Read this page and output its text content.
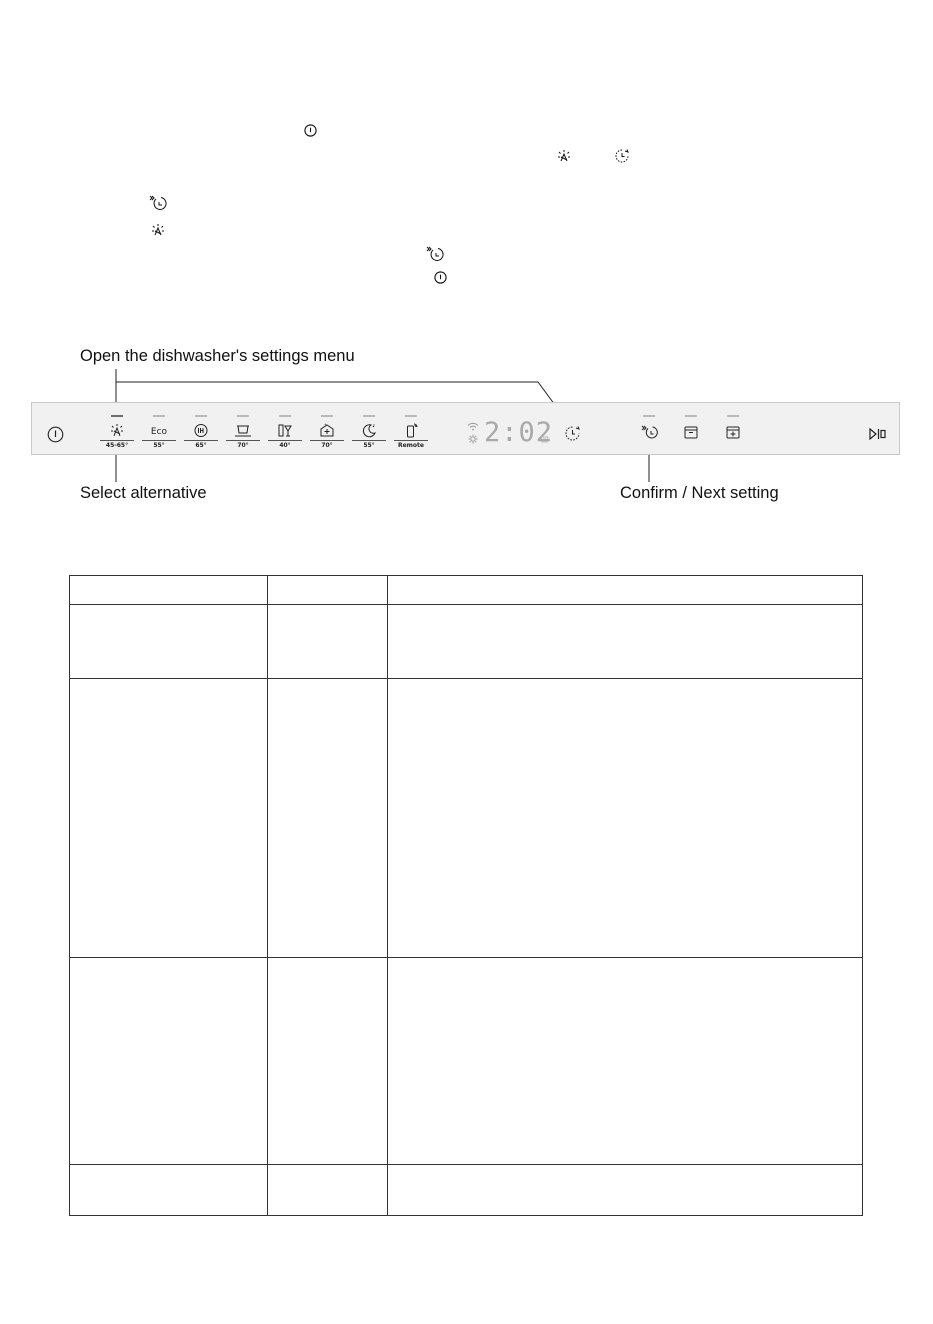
Open the dishwasher's settings menu
Select alternative	Confirm / Next setting
45-65°
Eco
55°	65°	70°	40°
+
70°	55°	Remote 2:02
